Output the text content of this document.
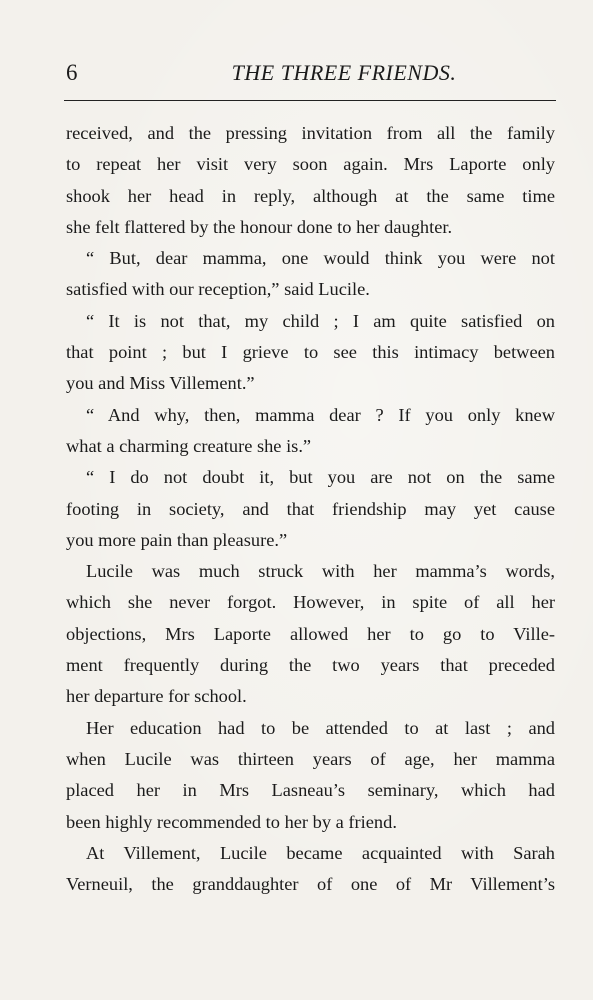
6	THE THREE FRIENDS.
received, and the pressing invitation from all the family
to repeat her visit very soon again. Mrs Laporte only
shook her head in reply, although at the same time
she felt flattered by the honour done to her daughter.
“ But, dear mamma, one would think you were not
satisfied with our reception,” said Lucile.
“ It is not that, my child ; I am quite satisfied on
that point ; but I grieve to see this intimacy between
you and Miss Villement.”
“ And why, then, mamma dear ? If you only knew
what a charming creature she is.”
“ I do not doubt it, but you are not on the same
footing in society, and that friendship may yet cause
you more pain than pleasure.”
Lucile was much struck with her mamma’s words,
which she never forgot. However, in spite of all her
objections, Mrs Laporte allowed her to go to Ville-
ment frequently during the two years that preceded
her departure for school.
Her education had to be attended to at last ; and
when Lucile was thirteen years of age, her mamma
placed her in Mrs Lasneau’s seminary, which had
been highly recommended to her by a friend.
At Villement, Lucile became acquainted with Sarah
Verneuil, the granddaughter of one of Mr Villement’s
